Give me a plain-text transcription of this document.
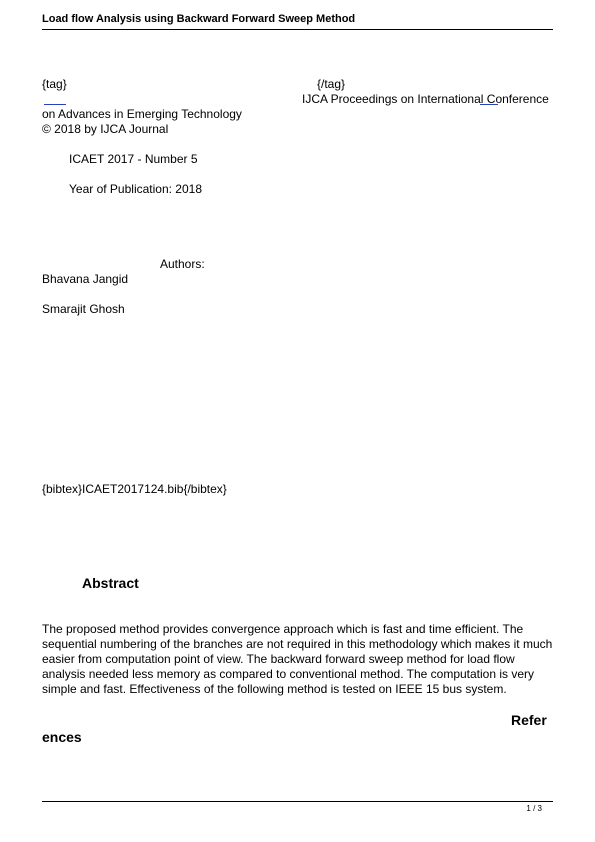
Load flow Analysis using Backward Forward Sweep Method
{tag}	{/tag}
IJCA Proceedings on International Conference
on Advances in Emerging Technology
© 2018 by IJCA Journal
ICAET 2017 - Number 5
Year of Publication: 2018
Authors:
Bhavana Jangid
Smarajit Ghosh
{bibtex}ICAET2017124.bib{/bibtex}
Abstract
The proposed method provides convergence approach which is fast and time efficient. The sequential numbering of the branches are not required in this methodology which makes it much easier from computation point of view. The backward forward sweep method for load flow analysis needed less memory as compared to conventional method. The computation is very simple and fast. Effectiveness of the following method is tested on IEEE 15 bus system.
Refer
ences
1 / 3
